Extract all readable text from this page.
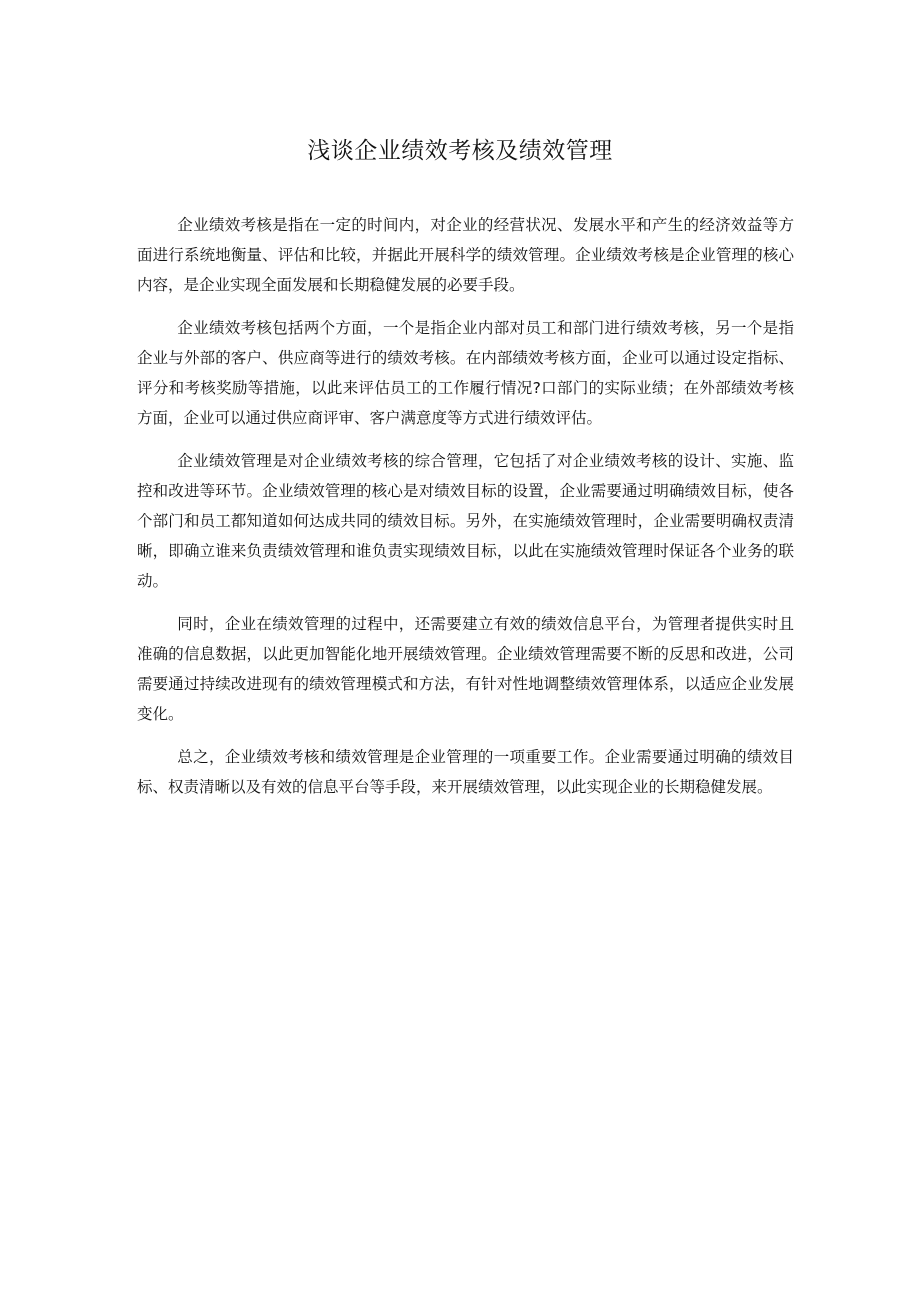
浅谈企业绩效考核及绩效管理

企业绩效考核是指在一定的时间内，对企业的经营状况、发展水平和产生的经济效益等方面进行系统地衡量、评估和比较，并据此开展科学的绩效管理。企业绩效考核是企业管理的核心内容，是企业实现全面发展和长期稳健发展的必要手段。

企业绩效考核包括两个方面，一个是指企业内部对员工和部门进行绩效考核，另一个是指企业与外部的客户、供应商等进行的绩效考核。在内部绩效考核方面，企业可以通过设定指标、评分和考核奖励等措施，以此来评估员工的工作履行情况?口部门的实际业绩；在外部绩效考核方面，企业可以通过供应商评审、客户满意度等方式进行绩效评估。

企业绩效管理是对企业绩效考核的综合管理，它包括了对企业绩效考核的设计、实施、监控和改进等环节。企业绩效管理的核心是对绩效目标的设置，企业需要通过明确绩效目标，使各个部门和员工都知道如何达成共同的绩效目标。另外，在实施绩效管理时，企业需要明确权责清晰，即确立谁来负责绩效管理和谁负责实现绩效目标，以此在实施绩效管理时保证各个业务的联动。

同时，企业在绩效管理的过程中，还需要建立有效的绩效信息平台，为管理者提供实时且准确的信息数据，以此更加智能化地开展绩效管理。企业绩效管理需要不断的反思和改进，公司需要通过持续改进现有的绩效管理模式和方法，有针对性地调整绩效管理体系，以适应企业发展变化。

总之，企业绩效考核和绩效管理是企业管理的一项重要工作。企业需要通过明确的绩效目标、权责清晰以及有效的信息平台等手段，来开展绩效管理，以此实现企业的长期稳健发展。
